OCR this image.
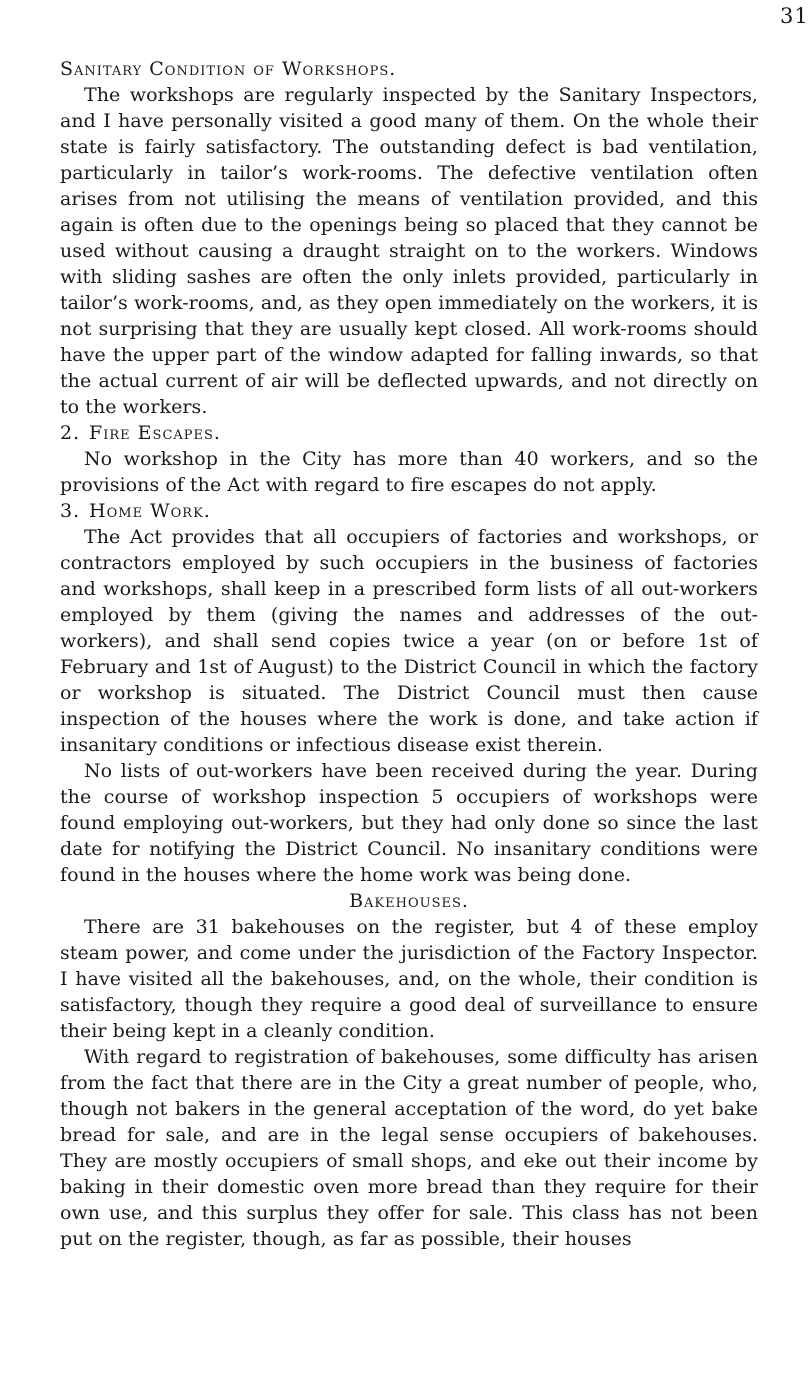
31
Sanitary Condition of Workshops.

The workshops are regularly inspected by the Sanitary Inspectors, and I have personally visited a good many of them. On the whole their state is fairly satisfactory. The outstanding defect is bad ventilation, particularly in tailor’s work-rooms. The defective ventilation often arises from not utilising the means of ventilation provided, and this again is often due to the openings being so placed that they cannot be used without causing a draught straight on to the workers. Windows with sliding sashes are often the only inlets provided, particularly in tailor’s work-rooms, and, as they open immediately on the workers, it is not surprising that they are usually kept closed. All work-rooms should have the upper part of the window adapted for falling inwards, so that the actual current of air will be deflected upwards, and not directly on to the workers.

2. Fire Escapes.

No workshop in the City has more than 40 workers, and so the provisions of the Act with regard to fire escapes do not apply.

3. Home Work.

The Act provides that all occupiers of factories and workshops, or contractors employed by such occupiers in the business of factories and workshops, shall keep in a prescribed form lists of all out-workers employed by them (giving the names and addresses of the out-workers), and shall send copies twice a year (on or before 1st of February and 1st of August) to the District Council in which the factory or workshop is situated. The District Council must then cause inspection of the houses where the work is done, and take action if insanitary conditions or infectious disease exist therein.

No lists of out-workers have been received during the year. During the course of workshop inspection 5 occupiers of workshops were found employing out-workers, but they had only done so since the last date for notifying the District Council. No insanitary conditions were found in the houses where the home work was being done.

Bakehouses.

There are 31 bakehouses on the register, but 4 of these employ steam power, and come under the jurisdiction of the Factory Inspector. I have visited all the bakehouses, and, on the whole, their condition is satisfactory, though they require a good deal of surveillance to ensure their being kept in a cleanly condition.

With regard to registration of bakehouses, some difficulty has arisen from the fact that there are in the City a great number of people, who, though not bakers in the general acceptation of the word, do yet bake bread for sale, and are in the legal sense occupiers of bakehouses. They are mostly occupiers of small shops, and eke out their income by baking in their domestic oven more bread than they require for their own use, and this surplus they offer for sale. This class has not been put on the register, though, as far as possible, their houses
